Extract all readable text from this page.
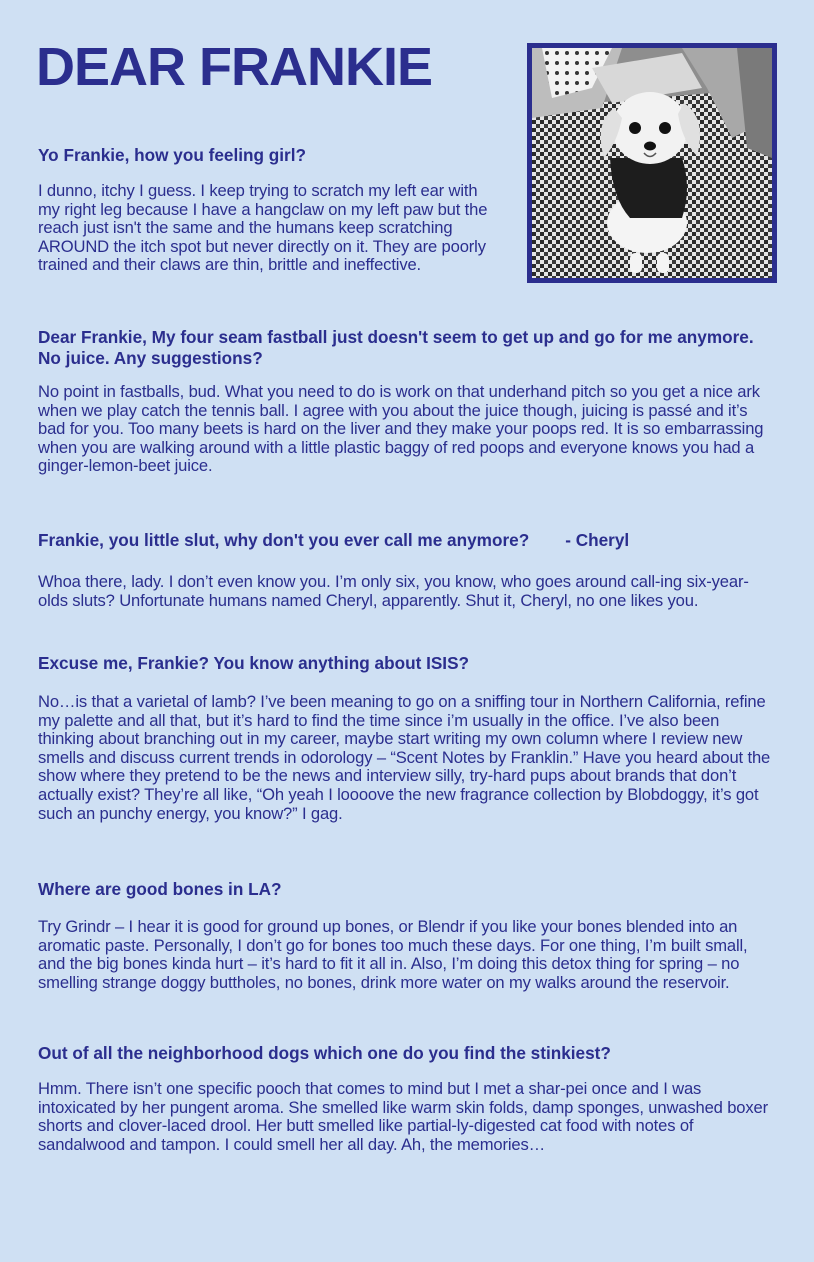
DEAR FRANKIE

Yo Frankie, how you feeling girl?

I dunno, itchy I guess. I keep trying to scratch my left ear with my right leg because I have a hangclaw on my left paw but the reach just isn't the same and the humans keep scratching AROUND the itch spot but never directly on it. They are poorly trained and their claws are thin, brittle and ineffective.

Dear Frankie, My four seam fastball just doesn't seem to get up and go for me anymore. No juice. Any suggestions?

No point in fastballs, bud. What you need to do is work on that underhand pitch so you get a nice ark when we play catch the tennis ball. I agree with you about the juice though, juicing is passé and it’s bad for you. Too many beets is hard on the liver and they make your poops red. It is so embarrassing when you are walking around with a little plastic baggy of red poops and everyone knows you had a ginger-lemon-beet juice.

Frankie, you little slut, why don't you ever call me anymore? - Cheryl

Whoa there, lady. I don’t even know you. I’m only six, you know, who goes around call-ing six-year-olds sluts? Unfortunate humans named Cheryl, apparently. Shut it, Cheryl, no one likes you.

Excuse me, Frankie? You know anything about ISIS?

No…is that a varietal of lamb? I’ve been meaning to go on a sniffing tour in Northern California, refine my palette and all that, but it’s hard to find the time since i’m usually in the office. I’ve also been thinking about branching out in my career, maybe start writing my own column where I review new smells and discuss current trends in odorology – “Scent Notes by Franklin.” Have you heard about the show where they pretend to be the news and interview silly, try-hard pups about brands that don’t actually exist? They’re all like, “Oh yeah I loooove the new fragrance collection by Blobdoggy, it’s got such an punchy energy, you know?” I gag.

Where are good bones in LA?

Try Grindr – I hear it is good for ground up bones, or Blendr if you like your bones blended into an aromatic paste. Personally, I don’t go for bones too much these days. For one thing, I’m built small, and the big bones kinda hurt – it’s hard to fit it all in. Also, I’m doing this detox thing for spring – no smelling strange doggy buttholes, no bones, drink more water on my walks around the reservoir.

Out of all the neighborhood dogs which one do you find the stinkiest?

Hmm. There isn’t one specific pooch that comes to mind but I met a shar-pei once and I was intoxicated by her pungent aroma. She smelled like warm skin folds, damp sponges, unwashed boxer shorts and clover-laced drool. Her butt smelled like partial-ly-digested cat food with notes of sandalwood and tampon. I could smell her all day. Ah, the memories…
